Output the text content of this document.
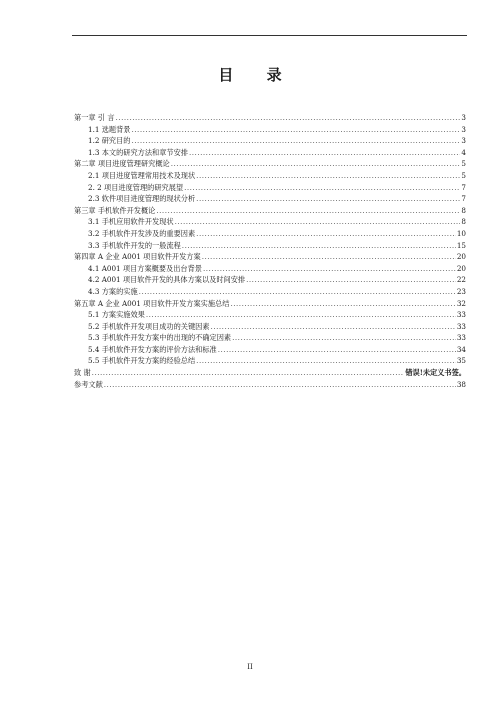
目 录
第一章 引 言 .....	3
1.1 选题背景 .....	3
1.2 研究目的 .....	3
1.3 本文的研究方法和章节安排 .....	4
第二章 项目进度管理研究概论 .....	5
2.1 项目进度管理常用技术及现状 .....	5
2. 2 项目进度管理的研究展望 .....	7
2.3 软件项目进度管理的现状分析 .....	7
第三章 手机软件开发概论 .....	8
3.1 手机应用软件开发现状 .....	8
3.2 手机软件开发涉及的重要因素 .....	10
3.3 手机软件开发的一般流程 .....	15
第四章 A 企业 A001 项目软件开发方案 .....	20
4.1 A001 项目方案概要及出台背景 .....	20
4.2 A001 项目软件开发的具体方案以及时间安排 .....	22
4.3 方案的实施 .....	23
第五章 A 企业 A001 项目软件开发方案实施总结 .....	32
5.1 方案实施效果 .....	33
5.2 手机软件开发项目成功的关键因素 .....	33
5.3 手机软件开发方案中的出现的不确定因素 .....	33
5.4 手机软件开发方案的评价方法和标准 .....	34
5.5 手机软件开发方案的经验总结 .....	35
致 谢 .....	错误!未定义书签。
参考文献 .....	38
II
